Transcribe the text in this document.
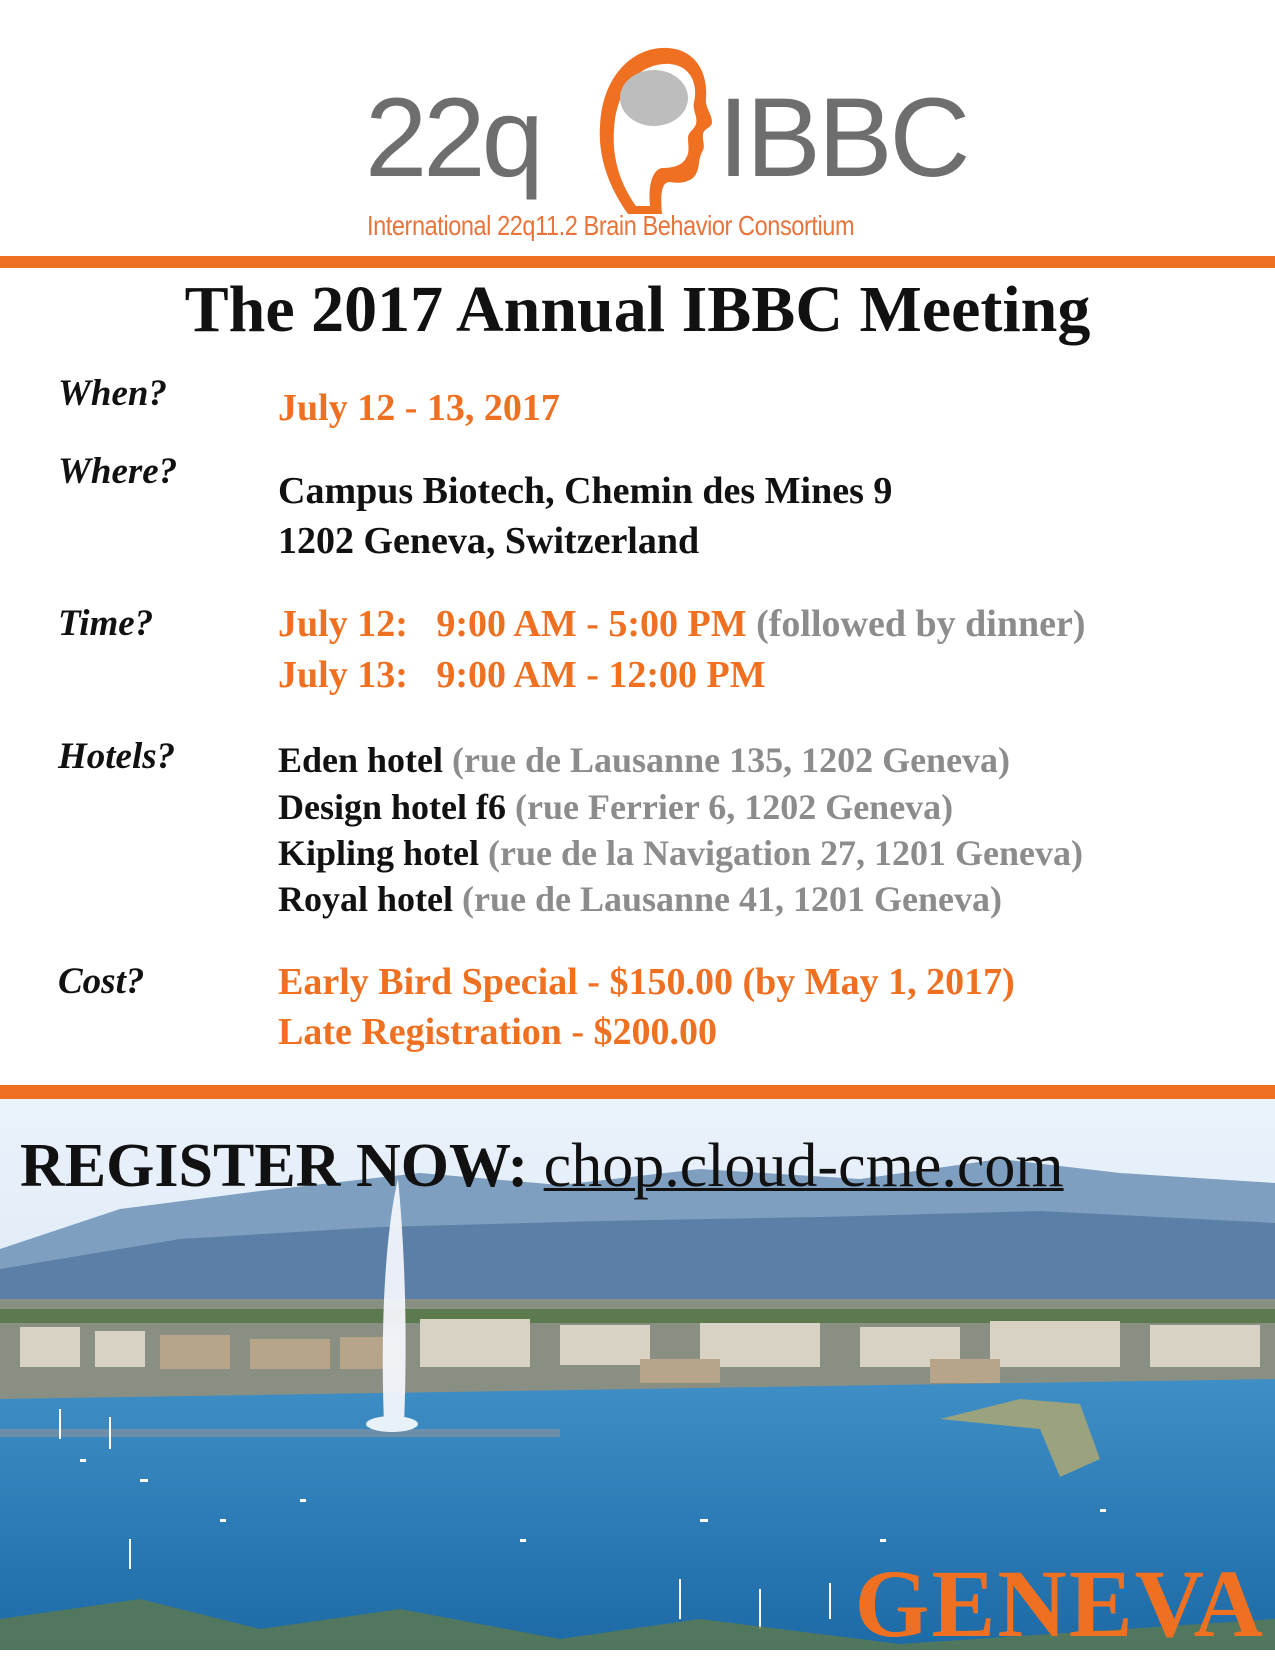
22q IBBC
International 22q11.2 Brain Behavior Consortium
The 2017 Annual IBBC Meeting
When?	July 12 - 13, 2017
Where?	Campus Biotech, Chemin des Mines 9
1202 Geneva, Switzerland
Time?	July 12: 9:00 AM - 5:00 PM (followed by dinner)
July 13: 9:00 AM - 12:00 PM
Hotels?	Eden hotel (rue de Lausanne 135, 1202 Geneva)
Design hotel f6 (rue Ferrier 6, 1202 Geneva)
Kipling hotel (rue de la Navigation 27, 1201 Geneva)
Royal hotel (rue de Lausanne 41, 1201 Geneva)
Cost?	Early Bird Special - $150.00 (by May 1, 2017)
Late Registration - $200.00
REGISTER NOW: chop.cloud-cme.com
GENEVA
